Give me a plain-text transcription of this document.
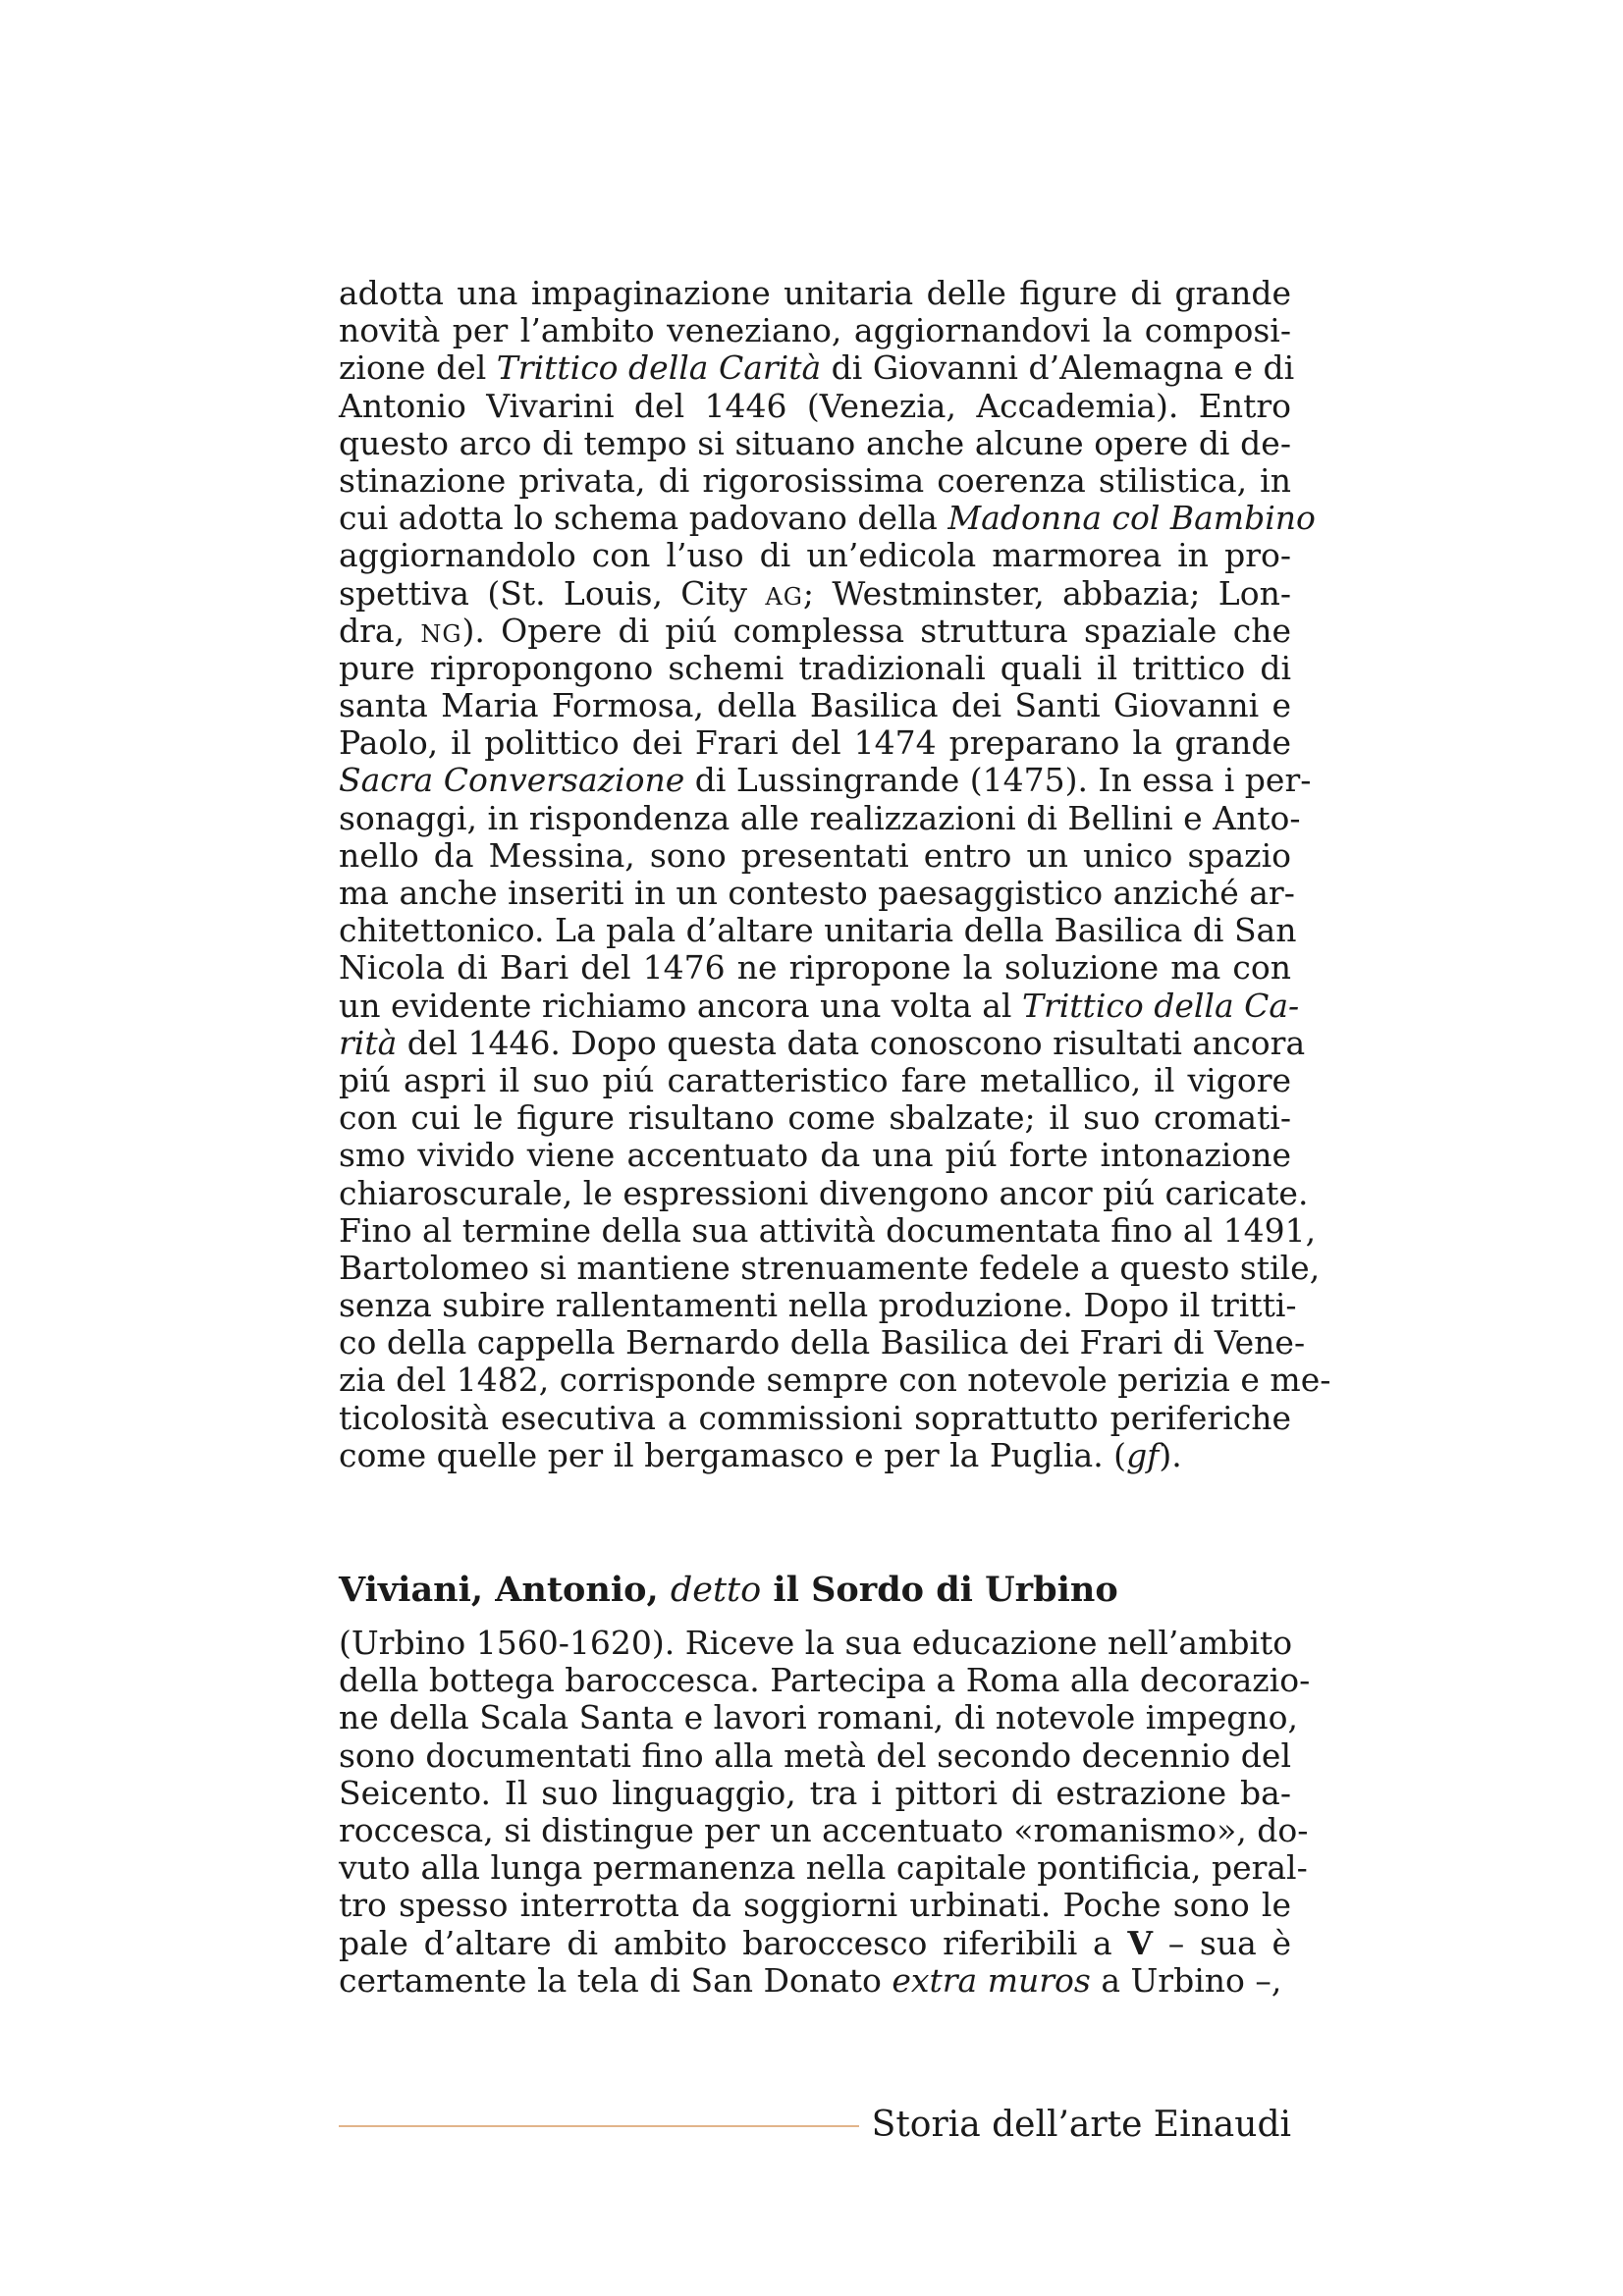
adotta una impaginazione unitaria delle figure di grande
novità per l’ambito veneziano, aggiornandovi la composi-
zione del Trittico della Carità di Giovanni d’Alemagna e di
Antonio Vivarini del 1446 (Venezia, Accademia). Entro
questo arco di tempo si situano anche alcune opere di de-
stinazione privata, di rigorosissima coerenza stilistica, in
cui adotta lo schema padovano della Madonna col Bambino
aggiornandolo con l’uso di un’edicola marmorea in pro-
spettiva (St. Louis, City AG; Westminster, abbazia; Lon-
dra, NG). Opere di piú complessa struttura spaziale che
pure ripropongono schemi tradizionali quali il trittico di
santa Maria Formosa, della Basilica dei Santi Giovanni e
Paolo, il polittico dei Frari del 1474 preparano la grande
Sacra Conversazione di Lussingrande (1475). In essa i per-
sonaggi, in rispondenza alle realizzazioni di Bellini e Anto-
nello da Messina, sono presentati entro un unico spazio
ma anche inseriti in un contesto paesaggistico anziché ar-
chitettonico. La pala d’altare unitaria della Basilica di San
Nicola di Bari del 1476 ne ripropone la soluzione ma con
un evidente richiamo ancora una volta al Trittico della Ca-
rità del 1446. Dopo questa data conoscono risultati ancora
piú aspri il suo piú caratteristico fare metallico, il vigore
con cui le figure risultano come sbalzate; il suo cromati-
smo vivido viene accentuato da una piú forte intonazione
chiaroscurale, le espressioni divengono ancor piú caricate.
Fino al termine della sua attività documentata fino al 1491,
Bartolomeo si mantiene strenuamente fedele a questo stile,
senza subire rallentamenti nella produzione. Dopo il tritti-
co della cappella Bernardo della Basilica dei Frari di Vene-
zia del 1482, corrisponde sempre con notevole perizia e me-
ticolosità esecutiva a commissioni soprattutto periferiche
come quelle per il bergamasco e per la Puglia. (gf).
Viviani, Antonio, detto il Sordo di Urbino
(Urbino 1560-1620). Riceve la sua educazione nell’ambito
della bottega baroccesca. Partecipa a Roma alla decorazio-
ne della Scala Santa e lavori romani, di notevole impegno,
sono documentati fino alla metà del secondo decennio del
Seicento. Il suo linguaggio, tra i pittori di estrazione ba-
roccesca, si distingue per un accentuato «romanismo», do-
vuto alla lunga permanenza nella capitale pontificia, peral-
tro spesso interrotta da soggiorni urbinati. Poche sono le
pale d’altare di ambito baroccesco riferibili a V – sua è
certamente la tela di San Donato extra muros a Urbino –,
Storia dell’arte Einaudi
